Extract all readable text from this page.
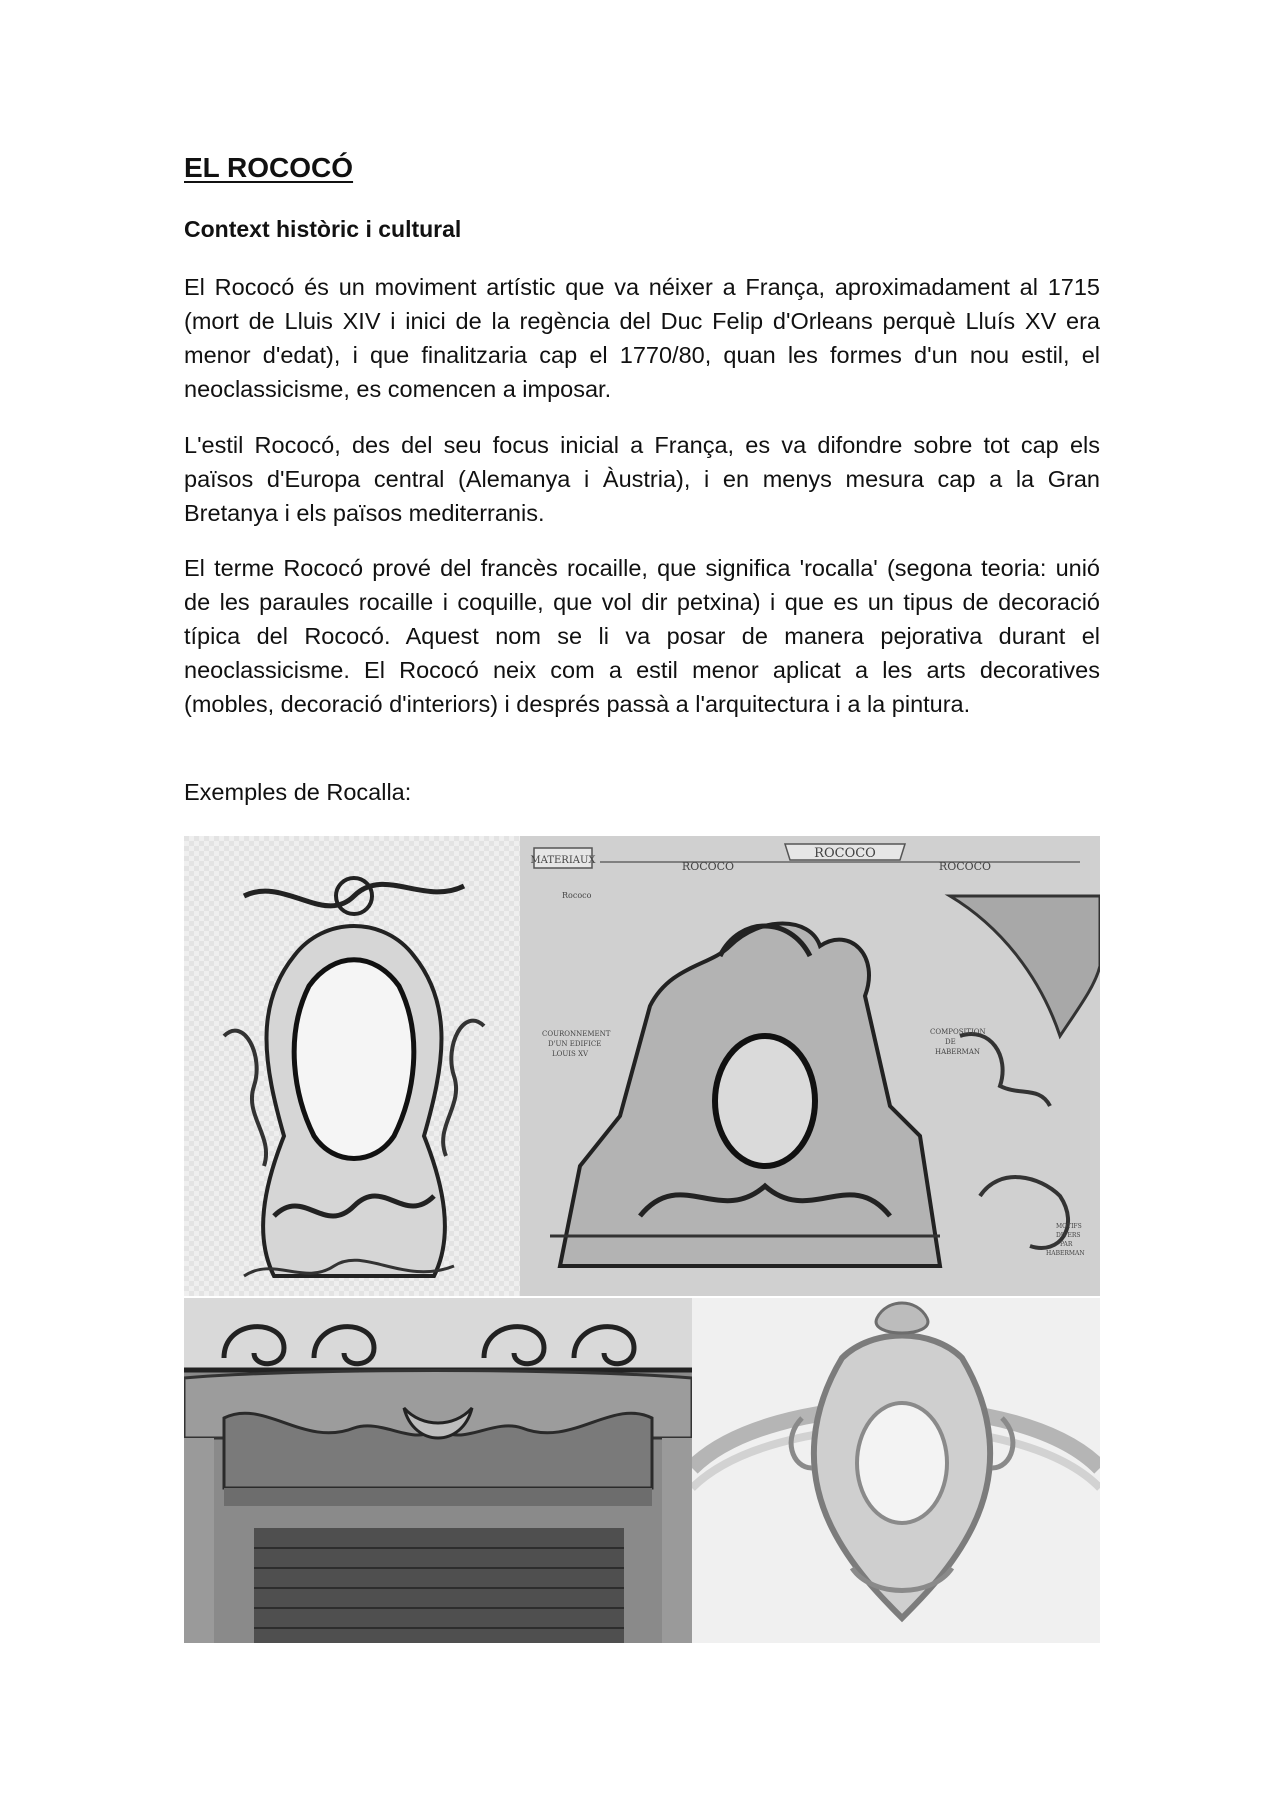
EL ROCOCÓ
Context històric i cultural

El Rococó és un moviment artístic que va néixer a França, aproximadament al 1715 (mort de Lluis XIV i inici de la regència del Duc Felip d'Orleans perquè Lluís XV era menor d'edat), i que finalitzaria cap el 1770/80, quan les formes d'un nou estil, el neoclassicisme, es comencen a imposar.

L'estil Rococó, des del seu focus inicial a França, es va difondre sobre tot cap els països d'Europa central (Alemanya i Àustria), i en menys mesura cap a la Gran Bretanya i els països mediterranis.

El terme Rococó prové del francès rocaille, que significa 'rocalla' (segona teoria: unió de les paraules rocaille i coquille, que vol dir petxina) i que es un tipus de decoració típica del Rococó. Aquest nom se li va posar de manera pejorativa durant el neoclassicisme. El Rococó neix com a estil menor aplicat a les arts decoratives (mobles, decoració d'interiors) i després passà a l'arquitectura i a la pintura.

Exemples de Rocalla:

MATERIAUX	ROCOCO
ROCOCO	ROCOCO
Rococo
COURONNEMENT
D'UN EDIFICE
LOUIS XV
COMPOSITION
DE
HABERMAN
MOTIFS
DIVERS
PAR
HABERMAN
